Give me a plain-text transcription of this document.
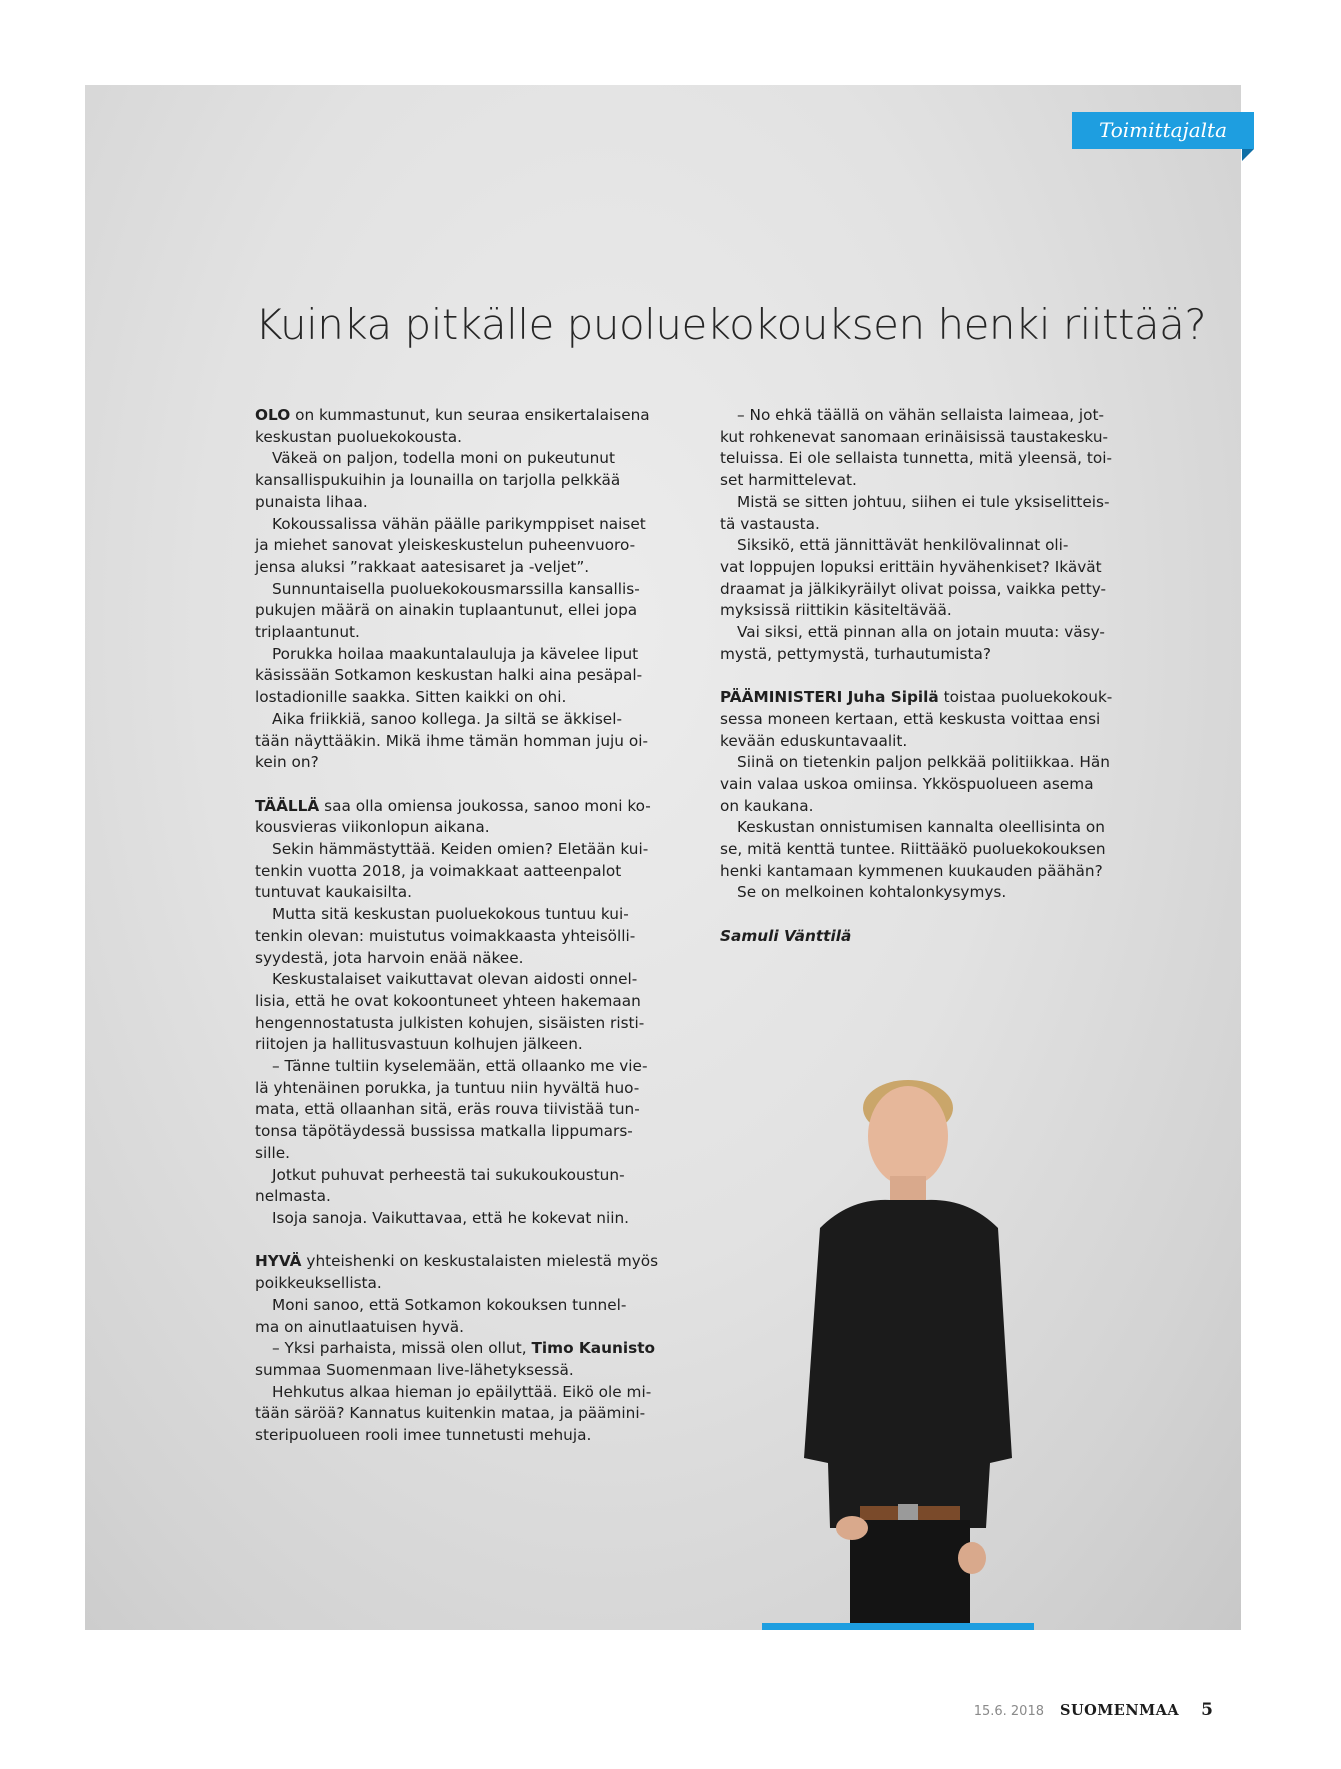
Toimittajalta
Kuinka pitkälle puoluekokouksen henki riittää?

OLO on kummastunut, kun seuraa ensikertalaisena
keskustan puoluekokousta.

Väkeä on paljon, todella moni on pukeutunut
kansallispukuihin ja lounailla on tarjolla pelkkää
punaista lihaa.

Kokoussalissa vähän päälle parikymppiset naiset
ja miehet sanovat yleiskeskustelun puheenvuoro-
jensa aluksi ”rakkaat aatesisaret ja -veljet”.

Sunnuntaisella puoluekokousmarssilla kansallis-
pukujen määrä on ainakin tuplaantunut, ellei jopa
triplaantunut.

Porukka hoilaa maakuntalauluja ja kävelee liput
käsissään Sotkamon keskustan halki aina pesäpal-
lostadionille saakka. Sitten kaikki on ohi.

Aika friikkiä, sanoo kollega. Ja siltä se äkkisel-
tään näyttääkin. Mikä ihme tämän homman juju oi-
kein on?

TÄÄLLÄ saa olla omiensa joukossa, sanoo moni ko-
kousvieras viikonlopun aikana.

Sekin hämmästyttää. Keiden omien? Eletään kui-
tenkin vuotta 2018, ja voimakkaat aatteenpalot
tuntuvat kaukaisilta.

Mutta sitä keskustan puoluekokous tuntuu kui-
tenkin olevan: muistutus voimakkaasta yhteisölli-
syydestä, jota harvoin enää näkee.

Keskustalaiset vaikuttavat olevan aidosti onnel-
lisia, että he ovat kokoontuneet yhteen hakemaan
hengennostatusta julkisten kohujen, sisäisten risti-
riitojen ja hallitusvastuun kolhujen jälkeen.

– Tänne tultiin kyselemään, että ollaanko me vie-
lä yhtenäinen porukka, ja tuntuu niin hyvältä huo-
mata, että ollaanhan sitä, eräs rouva tiivistää tun-
tonsa täpötäydessä bussissa matkalla lippumars-
sille.

Jotkut puhuvat perheestä tai sukukoukoustun-
nelmasta.

Isoja sanoja. Vaikuttavaa, että he kokevat niin.

HYVÄ yhteishenki on keskustalaisten mielestä myös
poikkeuksellista.

Moni sanoo, että Sotkamon kokouksen tunnel-
ma on ainutlaatuisen hyvä.

– Yksi parhaista, missä olen ollut, Timo Kaunisto
summaa Suomenmaan live-lähetyksessä.

Hehkutus alkaa hieman jo epäilyttää. Eikö ole mi-
tään säröä? Kannatus kuitenkin mataa, ja päämini-
steripuolueen rooli imee tunnetusti mehuja.

– No ehkä täällä on vähän sellaista laimeaa, jot-
kut rohkenevat sanomaan erinäisissä taustakesku-
teluissa. Ei ole sellaista tunnetta, mitä yleensä, toi-
set harmittelevat.

Mistä se sitten johtuu, siihen ei tule yksiselitteis-
tä vastausta.

Siksikö, että jännittävät henkilövalinnat oli-
vat loppujen lopuksi erittäin hyvähenkiset? Ikävät
draamat ja jälkikyräilyt olivat poissa, vaikka petty-
myksissä riittikin käsiteltävää.

Vai siksi, että pinnan alla on jotain muuta: väsy-
mystä, pettymystä, turhautumista?

PÄÄMINISTERI Juha Sipilä toistaa puoluekokouk-
sessa moneen kertaan, että keskusta voittaa ensi
kevään eduskuntavaalit.

Siinä on tietenkin paljon pelkkää politiikkaa. Hän
vain valaa uskoa omiinsa. Ykköspuolueen asema
on kaukana.

Keskustan onnistumisen kannalta oleellisinta on
se, mitä kenttä tuntee. Riittääkö puoluekokouksen
henki kantamaan kymmenen kuukauden päähän?

Se on melkoinen kohtalonkysymys.

Samuli Vänttilä
15.6. 2018 SUOMENMAA 5
